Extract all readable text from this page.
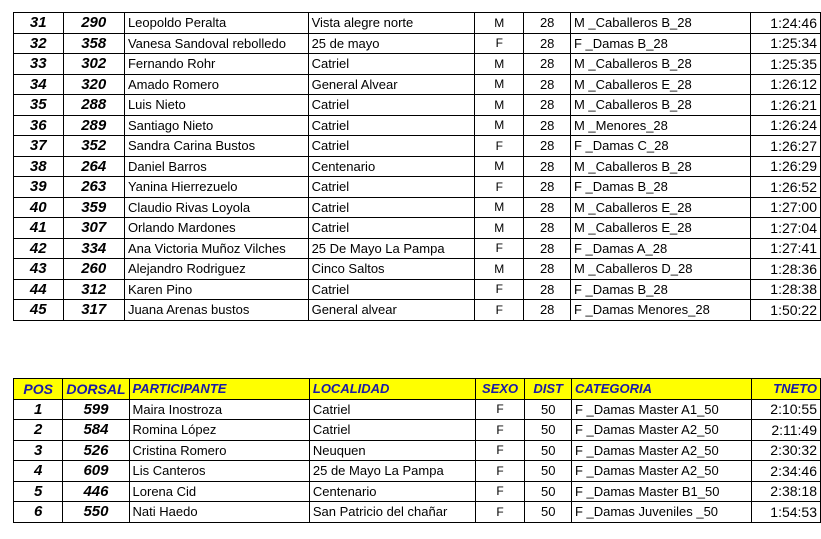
31	290	Leopoldo Peralta	Vista alegre norte	M	28	M _Caballeros B_28	1:24:46
32	358	Vanesa Sandoval rebolledo	25 de mayo	F	28	F _Damas B_28	1:25:34
33	302	Fernando Rohr	Catriel	M	28	M _Caballeros B_28	1:25:35
34	320	Amado Romero	General Alvear	M	28	M _Caballeros E_28	1:26:12
35	288	Luis Nieto	Catriel	M	28	M _Caballeros B_28	1:26:21
36	289	Santiago Nieto	Catriel	M	28	M _Menores_28	1:26:24
37	352	Sandra Carina Bustos	Catriel	F	28	F _Damas C_28	1:26:27
38	264	Daniel Barros	Centenario	M	28	M _Caballeros B_28	1:26:29
39	263	Yanina Hierrezuelo	Catriel	F	28	F _Damas B_28	1:26:52
40	359	Claudio Rivas Loyola	Catriel	M	28	M _Caballeros E_28	1:27:00
41	307	Orlando Mardones	Catriel	M	28	M _Caballeros E_28	1:27:04
42	334	Ana Victoria Muñoz Vilches	25 De Mayo La Pampa	F	28	F _Damas A_28	1:27:41
43	260	Alejandro Rodriguez	Cinco Saltos	M	28	M _Caballeros D_28	1:28:36
44	312	Karen Pino	Catriel	F	28	F _Damas B_28	1:28:38
45	317	Juana Arenas bustos	General alvear	F	28	F _Damas Menores_28	1:50:22
POS	DORSAL	PARTICIPANTE	LOCALIDAD	SEXO	DIST	CATEGORIA	TNETO
1	599	Maira Inostroza	Catriel	F	50	F _Damas Master A1_50	2:10:55
2	584	Romina López	Catriel	F	50	F _Damas Master A2_50	2:11:49
3	526	Cristina Romero	Neuquen	F	50	F _Damas Master A2_50	2:30:32
4	609	Lis Canteros	25 de Mayo La Pampa	F	50	F _Damas Master A2_50	2:34:46
5	446	Lorena Cid	Centenario	F	50	F _Damas Master B1_50	2:38:18
6	550	Nati Haedo	San Patricio del chañar	F	50	F _Damas Juveniles _50	1:54:53
